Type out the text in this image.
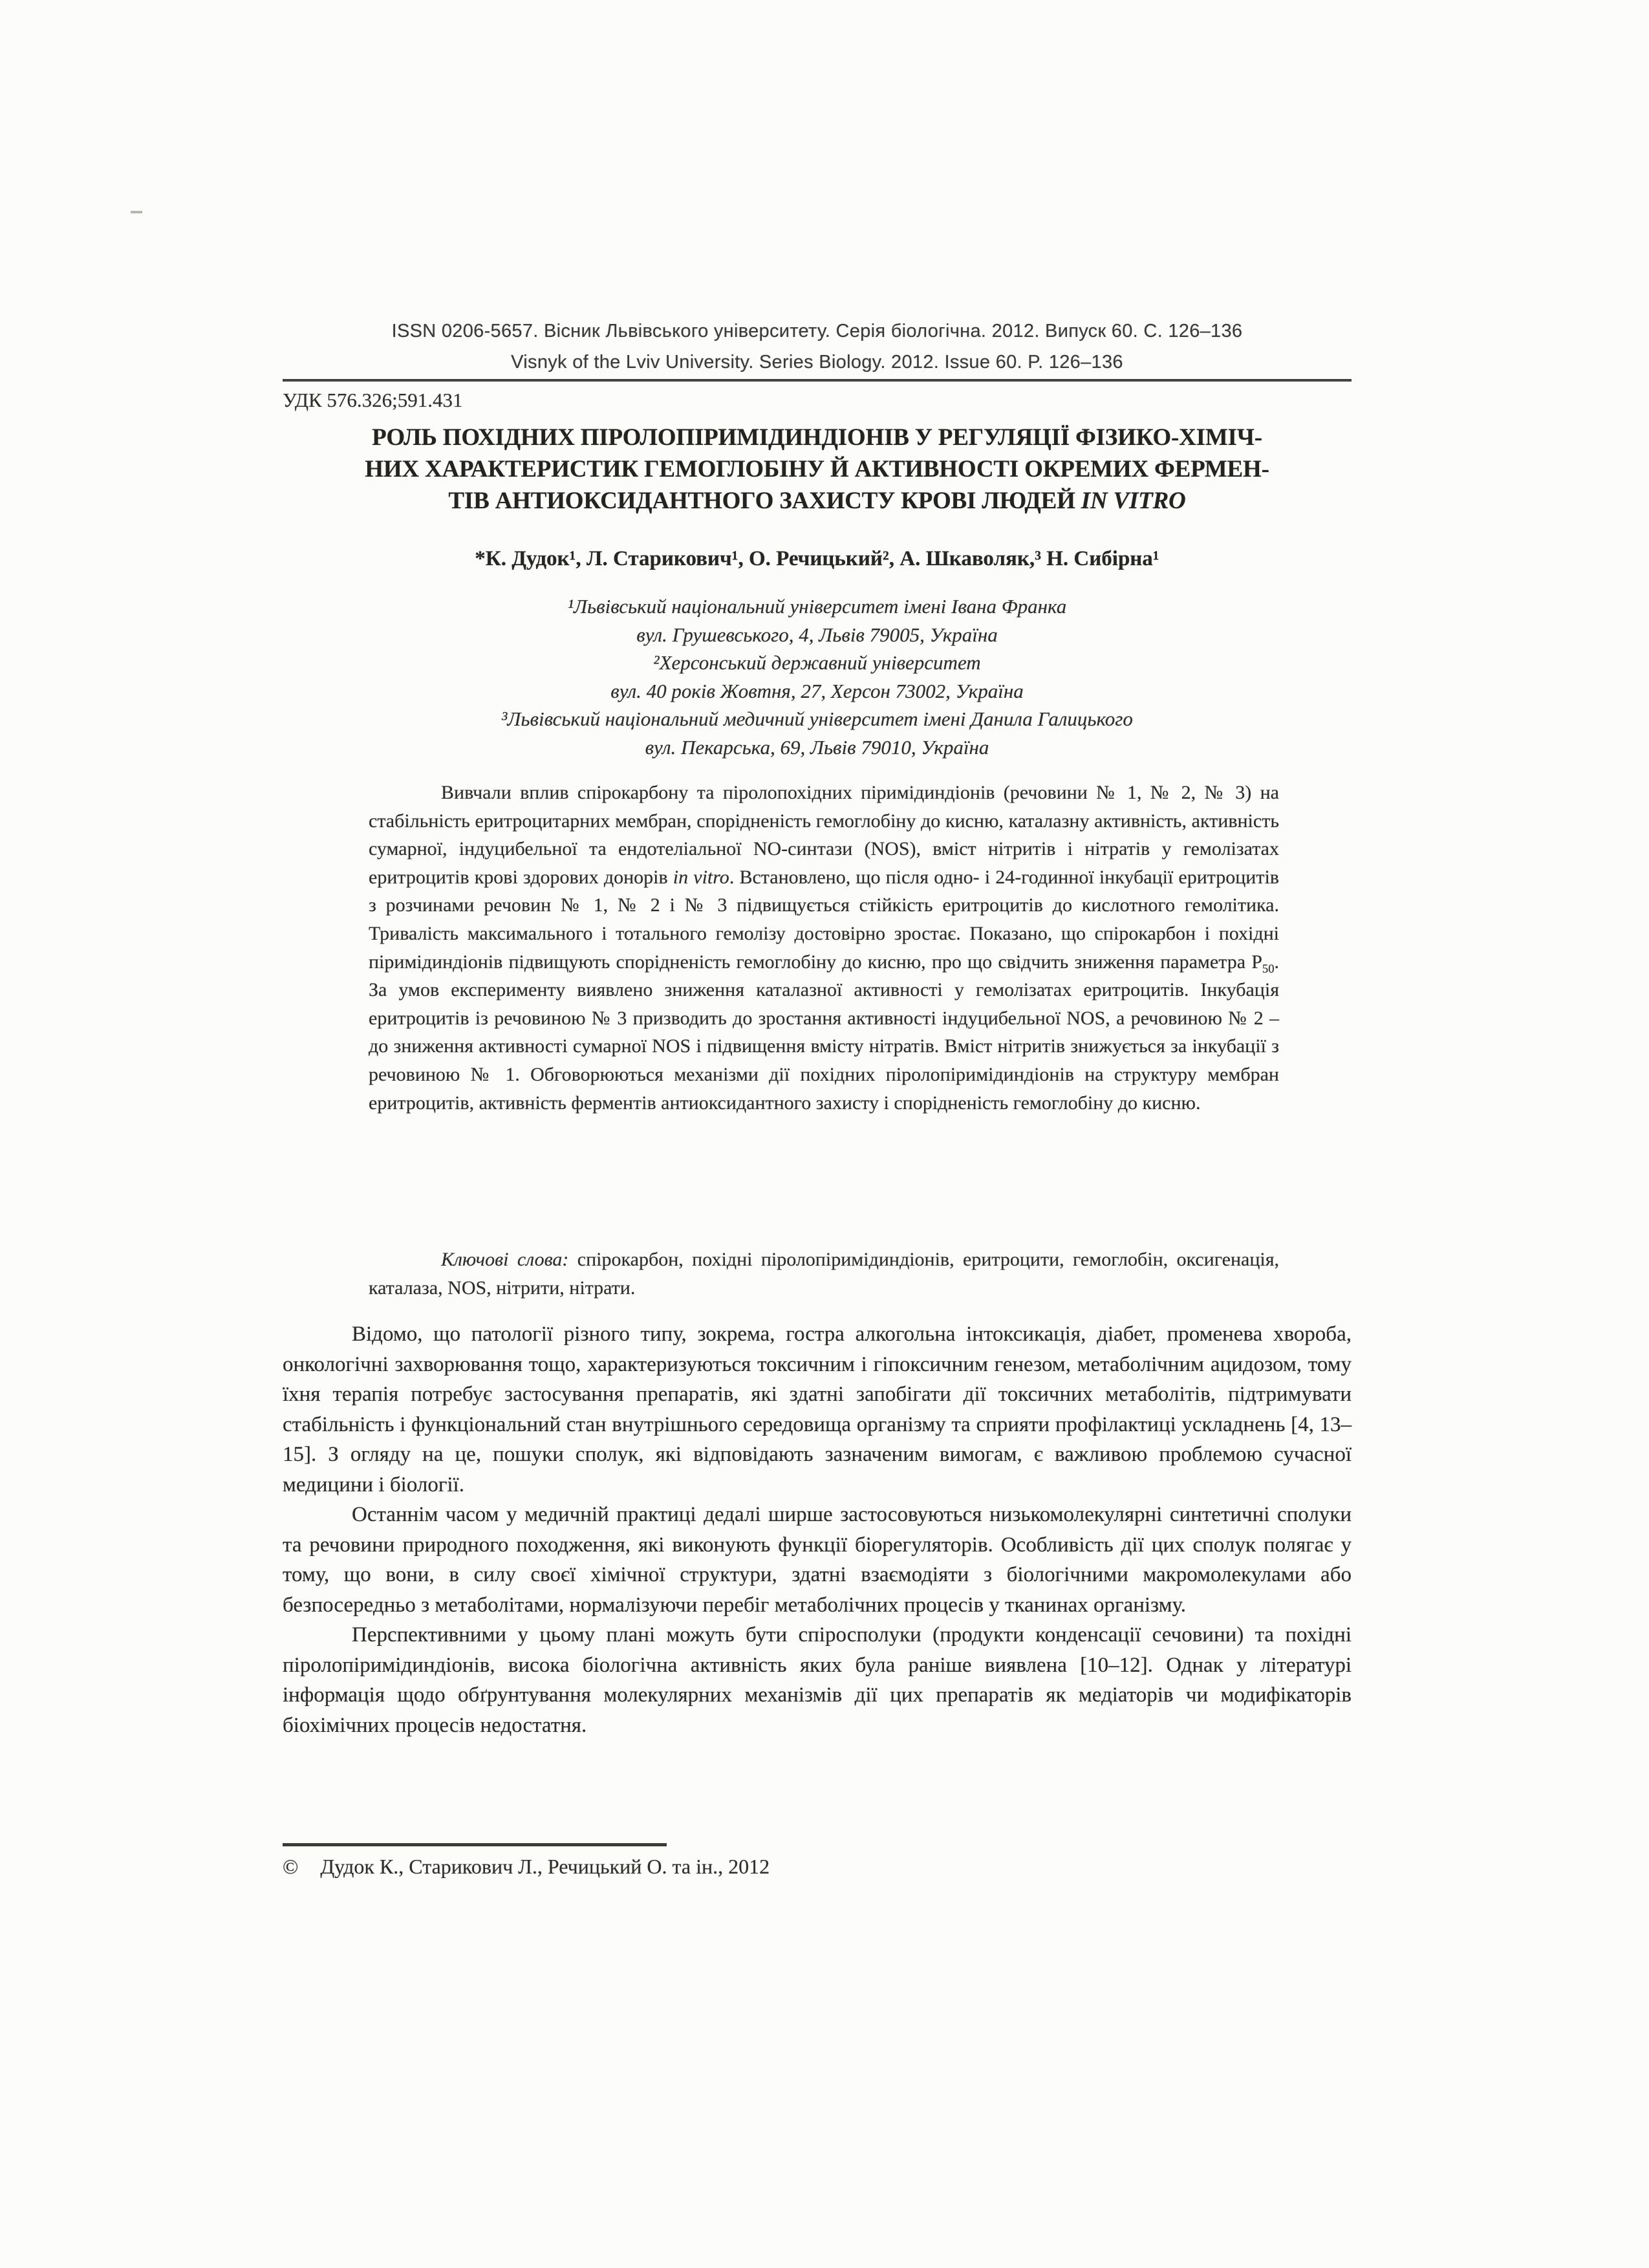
ISSN 0206-5657. Вісник Львівського університету. Серія біологічна. 2012. Випуск 60. С. 126–136
Visnyk of the Lviv University. Series Biology. 2012. Issue 60. P. 126–136
УДК 576.326;591.431
РОЛЬ ПОХІДНИХ ПІРОЛОПІРИМІДИНДІОНІВ У РЕГУЛЯЦІЇ ФІЗИКО-ХІМІЧ-
НИХ ХАРАКТЕРИСТИК ГЕМОГЛОБІНУ Й АКТИВНОСТІ ОКРЕМИХ ФЕРМЕН-
ТІВ АНТИОКСИДАНТНОГО ЗАХИСТУ КРОВІ ЛЮДЕЙ IN VITRO
*К. Дудок¹, Л. Старикович¹, О. Речицький², А. Шкаволяк,³ Н. Сибірна¹
¹Львівський національний університет імені Івана Франка
вул. Грушевського, 4, Львів 79005, Україна
²Херсонський державний університет
вул. 40 років Жовтня, 27, Херсон 73002, Україна
³Львівський національний медичний університет імені Данила Галицького
вул. Пекарська, 69, Львів 79010, Україна

Вивчали вплив спірокарбону та піролопохідних піримідиндіонів (речовини № 1, № 2, № 3) на стабільність еритроцитарних мембран, спорідненість гемоглобіну до кисню, каталазну активність, активність сумарної, індуцибельної та ендотеліальної NO-синтази (NOS), вміст нітритів і нітратів у гемолізатах еритроцитів крові здорових донорів in vitro. Встановлено, що після одно- і 24-годинної інкубації еритроцитів з розчинами речовин № 1, № 2 і № 3 підвищується стійкість еритроцитів до кислотного гемолітика. Тривалість максимального і тотального гемолізу достовірно зростає. Показано, що спірокарбон і похідні піримідиндіонів підвищують спорідненість гемоглобіну до кисню, про що свідчить зниження параметра $P_{50}$. За умов експерименту виявлено зниження каталазної активності у гемолізатах еритроцитів. Інкубація еритроцитів із речовиною № 3 призводить до зростання активності індуцибельної NOS, а речовиною № 2 – до зниження активності сумарної NOS і підвищення вмісту нітратів. Вміст нітритів знижується за інкубації з речовиною № 1. Обговорюються механізми дії похідних піролопіримідиндіонів на структуру мембран еритроцитів, активність ферментів антиоксидантного захисту і спорідненість гемоглобіну до кисню.

Ключові слова: спірокарбон, похідні піролопіримідиндіонів, еритроцити, гемоглобін, оксигенація, каталаза, NOS, нітрити, нітрати.

Відомо, що патології різного типу, зокрема, гостра алкогольна інтоксикація, діабет, променева хвороба, онкологічні захворювання тощо, характеризуються токсичним і гіпоксичним генезом, метаболічним ацидозом, тому їхня терапія потребує застосування препаратів, які здатні запобігати дії токсичних метаболітів, підтримувати стабільність і функціональний стан внутрішнього середовища організму та сприяти профілактиці ускладнень [4, 13–15]. З огляду на це, пошуки сполук, які відповідають зазначеним вимогам, є важливою проблемою сучасної медицини і біології.

Останнім часом у медичній практиці дедалі ширше застосовуються низькомолекулярні синтетичні сполуки та речовини природного походження, які виконують функції біорегуляторів. Особливість дії цих сполук полягає у тому, що вони, в силу своєї хімічної структури, здатні взаємодіяти з біологічними макромолекулами або безпосередньо з метаболітами, нормалізуючи перебіг метаболічних процесів у тканинах організму.

Перспективними у цьому плані можуть бути спіросполуки (продукти конденсації сечовини) та похідні піролопіримідиндіонів, висока біологічна активність яких була раніше виявлена [10–12]. Однак у літературі інформація щодо обґрунтування молекулярних механізмів дії цих препаратів як медіаторів чи модифікаторів біохімічних процесів недостатня.

© Дудок К., Старикович Л., Речицький О. та ін., 2012
